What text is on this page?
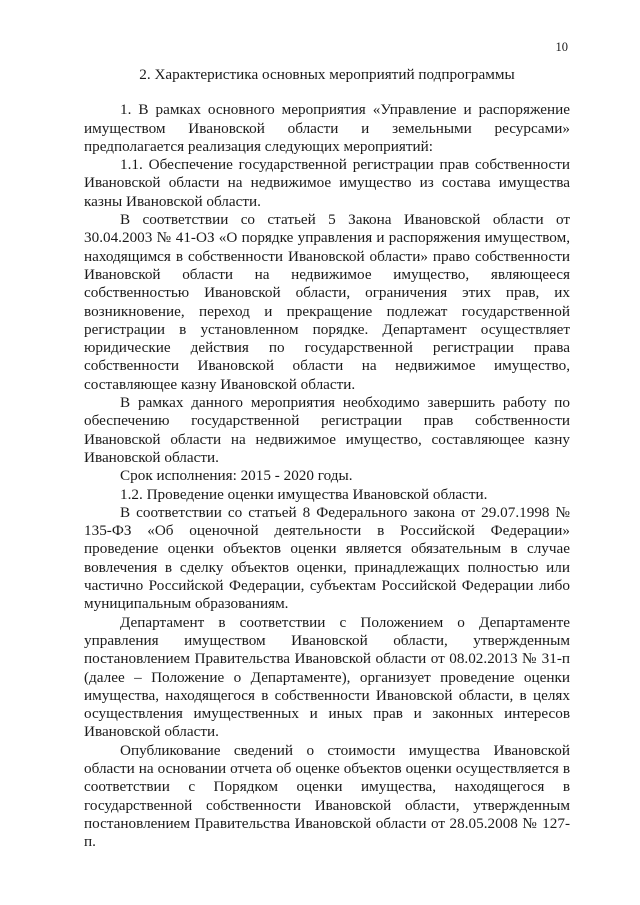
10
2. Характеристика основных мероприятий подпрограммы

1. В рамках основного мероприятия «Управление и распоряжение имуществом Ивановской области и земельными ресурсами» предполагается реализация следующих мероприятий:

1.1. Обеспечение государственной регистрации прав собственности Ивановской области на недвижимое имущество из состава имущества казны Ивановской области.

В соответствии со статьей 5 Закона Ивановской области от 30.04.2003 № 41-ОЗ «О порядке управления и распоряжения имуществом, находящимся в собственности Ивановской области» право собственности Ивановской области на недвижимое имущество, являющееся собственностью Ивановской области, ограничения этих прав, их возникновение, переход и прекращение подлежат государственной регистрации в установленном порядке. Департамент осуществляет юридические действия по государственной регистрации права собственности Ивановской области на недвижимое имущество, составляющее казну Ивановской области.

В рамках данного мероприятия необходимо завершить работу по обеспечению государственной регистрации прав собственности Ивановской области на недвижимое имущество, составляющее казну Ивановской области.

Срок исполнения: 2015 - 2020 годы.

1.2. Проведение оценки имущества Ивановской области.

В соответствии со статьей 8 Федерального закона от 29.07.1998 № 135-ФЗ «Об оценочной деятельности в Российской Федерации» проведение оценки объектов оценки является обязательным в случае вовлечения в сделку объектов оценки, принадлежащих полностью или частично Российской Федерации, субъектам Российской Федерации либо муниципальным образованиям.

Департамент в соответствии с Положением о Департаменте управления имуществом Ивановской области, утвержденным постановлением Правительства Ивановской области от 08.02.2013 № 31-п (далее – Положение о Департаменте), организует проведение оценки имущества, находящегося в собственности Ивановской области, в целях осуществления имущественных и иных прав и законных интересов Ивановской области.

Опубликование сведений о стоимости имущества Ивановской области на основании отчета об оценке объектов оценки осуществляется в соответствии с Порядком оценки имущества, находящегося в государственной собственности Ивановской области, утвержденным постановлением Правительства Ивановской области от 28.05.2008 № 127-п.
